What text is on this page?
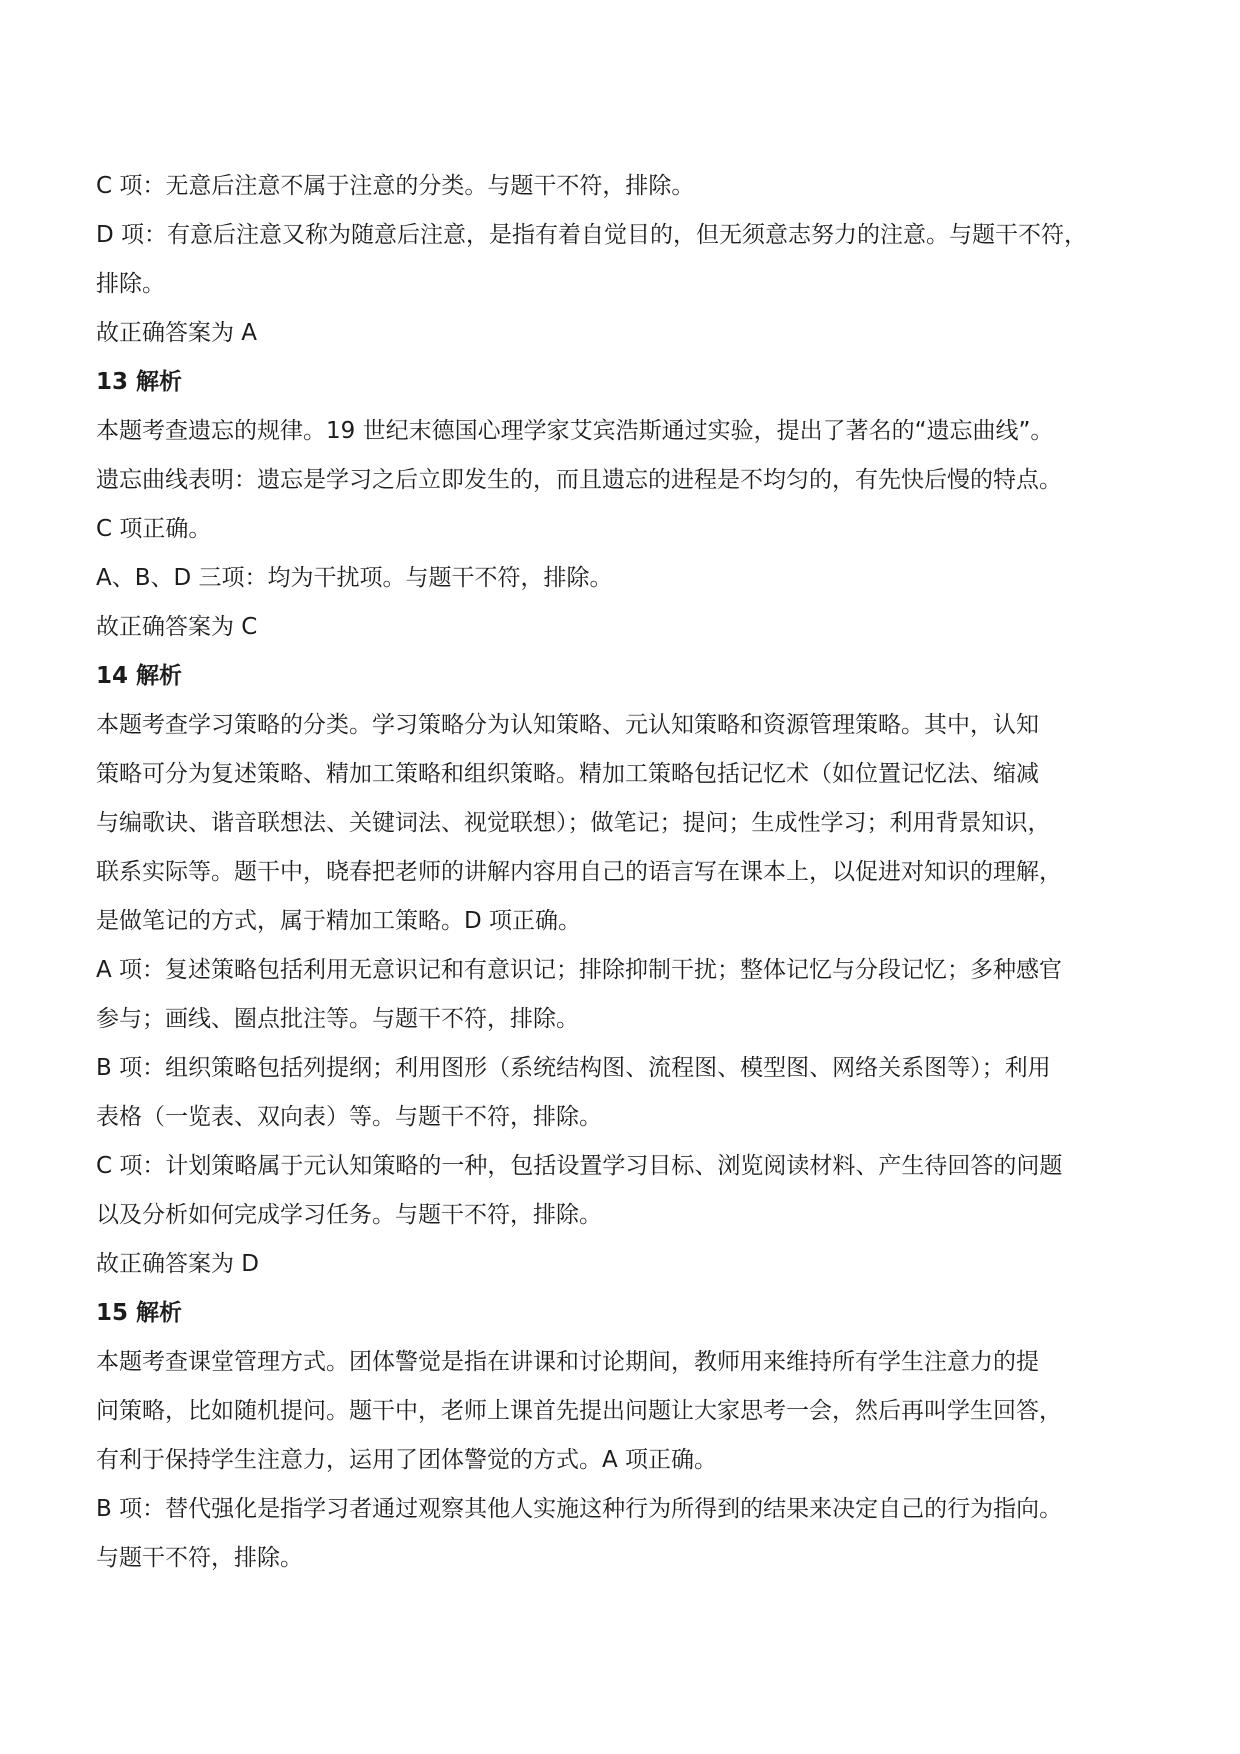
C 项：无意后注意不属于注意的分类。与题干不符，排除。

D 项：有意后注意又称为随意后注意，是指有着自觉目的，但无须意志努力的注意。与题干不符，

排除。

故正确答案为 A

13 解析

本题考查遗忘的规律。19 世纪末德国心理学家艾宾浩斯通过实验，提出了著名的“遗忘曲线”。

遗忘曲线表明：遗忘是学习之后立即发生的，而且遗忘的进程是不均匀的，有先快后慢的特点。

C 项正确。

A、B、D 三项：均为干扰项。与题干不符，排除。

故正确答案为 C

14 解析

本题考查学习策略的分类。学习策略分为认知策略、元认知策略和资源管理策略。其中，认知

策略可分为复述策略、精加工策略和组织策略。精加工策略包括记忆术（如位置记忆法、缩减

与编歌诀、谐音联想法、关键词法、视觉联想）；做笔记；提问；生成性学习；利用背景知识，

联系实际等。题干中，晓春把老师的讲解内容用自己的语言写在课本上，以促进对知识的理解，

是做笔记的方式，属于精加工策略。D 项正确。

A 项：复述策略包括利用无意识记和有意识记；排除抑制干扰；整体记忆与分段记忆；多种感官

参与；画线、圈点批注等。与题干不符，排除。

B 项：组织策略包括列提纲；利用图形（系统结构图、流程图、模型图、网络关系图等）；利用

表格（一览表、双向表）等。与题干不符，排除。

C 项：计划策略属于元认知策略的一种，包括设置学习目标、浏览阅读材料、产生待回答的问题

以及分析如何完成学习任务。与题干不符，排除。

故正确答案为 D

15 解析

本题考查课堂管理方式。团体警觉是指在讲课和讨论期间，教师用来维持所有学生注意力的提

问策略，比如随机提问。题干中，老师上课首先提出问题让大家思考一会，然后再叫学生回答，

有利于保持学生注意力，运用了团体警觉的方式。A 项正确。

B 项：替代强化是指学习者通过观察其他人实施这种行为所得到的结果来决定自己的行为指向。

与题干不符，排除。
